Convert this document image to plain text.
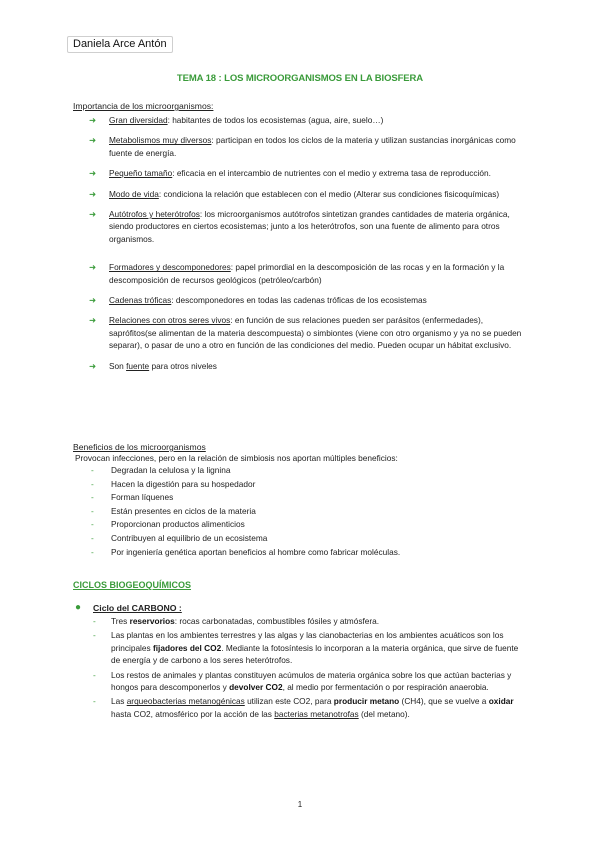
Daniela Arce Antón
TEMA 18 : LOS MICROORGANISMOS EN LA BIOSFERA
Importancia de los microorganismos:
➜ Gran diversidad: habitantes de todos los ecosistemas (agua, aire, suelo…)
➜ Metabolismos muy diversos: participan en todos los ciclos de la materia y utilizan sustancias inorgánicas como fuente de energía.
➜ Pequeño tamaño: eficacia en el intercambio de nutrientes con el medio y extrema tasa de reproducción.
➜ Modo de vida: condiciona la relación que establecen con el medio (Alterar sus condiciones fisicoquímicas)
➜ Autótrofos y heterótrofos: los microorganismos autótrofos sintetizan grandes cantidades de materia orgánica, siendo productores en ciertos ecosistemas; junto a los heterótrofos, son una fuente de alimento para otros organismos.
➜ Formadores y descomponedores: papel primordial en la descomposición de las rocas y en la formación y la descomposición de recursos geológicos (petróleo/carbón)
➜ Cadenas tróficas: descomponedores en todas las cadenas tróficas de los ecosistemas
➜ Relaciones con otros seres vivos: en función de sus relaciones pueden ser parásitos (enfermedades), saprófitos(se alimentan de la materia descompuesta) o simbiontes (viene con otro organismo y ya no se pueden separar), o pasar de uno a otro en función de las condiciones del medio. Pueden ocupar un hábitat exclusivo.
➜ Son fuente para otros niveles
Beneficios de los microorganismos
Provocan infecciones, pero en la relación de simbiosis nos aportan múltiples beneficios:
- Degradan la celulosa y la lignina
- Hacen la digestión para su hospedador
- Forman líquenes
- Están presentes en ciclos de la materia
- Proporcionan productos alimenticios
- Contribuyen al equilibrio de un ecosistema
- Por ingeniería genética aportan beneficios al hombre como fabricar moléculas.
CICLOS BIOGEOQUÍMICOS
● Ciclo del CARBONO :
- Tres reservorios: rocas carbonatadas, combustibles fósiles y atmósfera.
- Las plantas en los ambientes terrestres y las algas y las cianobacterias en los ambientes acuáticos son los principales fijadores del CO2. Mediante la fotosíntesis lo incorporan a la materia orgánica, que sirve de fuente de energía y de carbono a los seres heterótrofos.
- Los restos de animales y plantas constituyen acúmulos de materia orgánica sobre los que actúan bacterias y hongos para descomponerlos y devolver CO2, al medio por fermentación o por respiración anaerobia.
- Las arqueobacterias metanogénicas utilizan este CO2, para producir metano (CH4), que se vuelve a oxidar hasta CO2, atmosférico por la acción de las bacterias metanotrofas (del metano).
1
